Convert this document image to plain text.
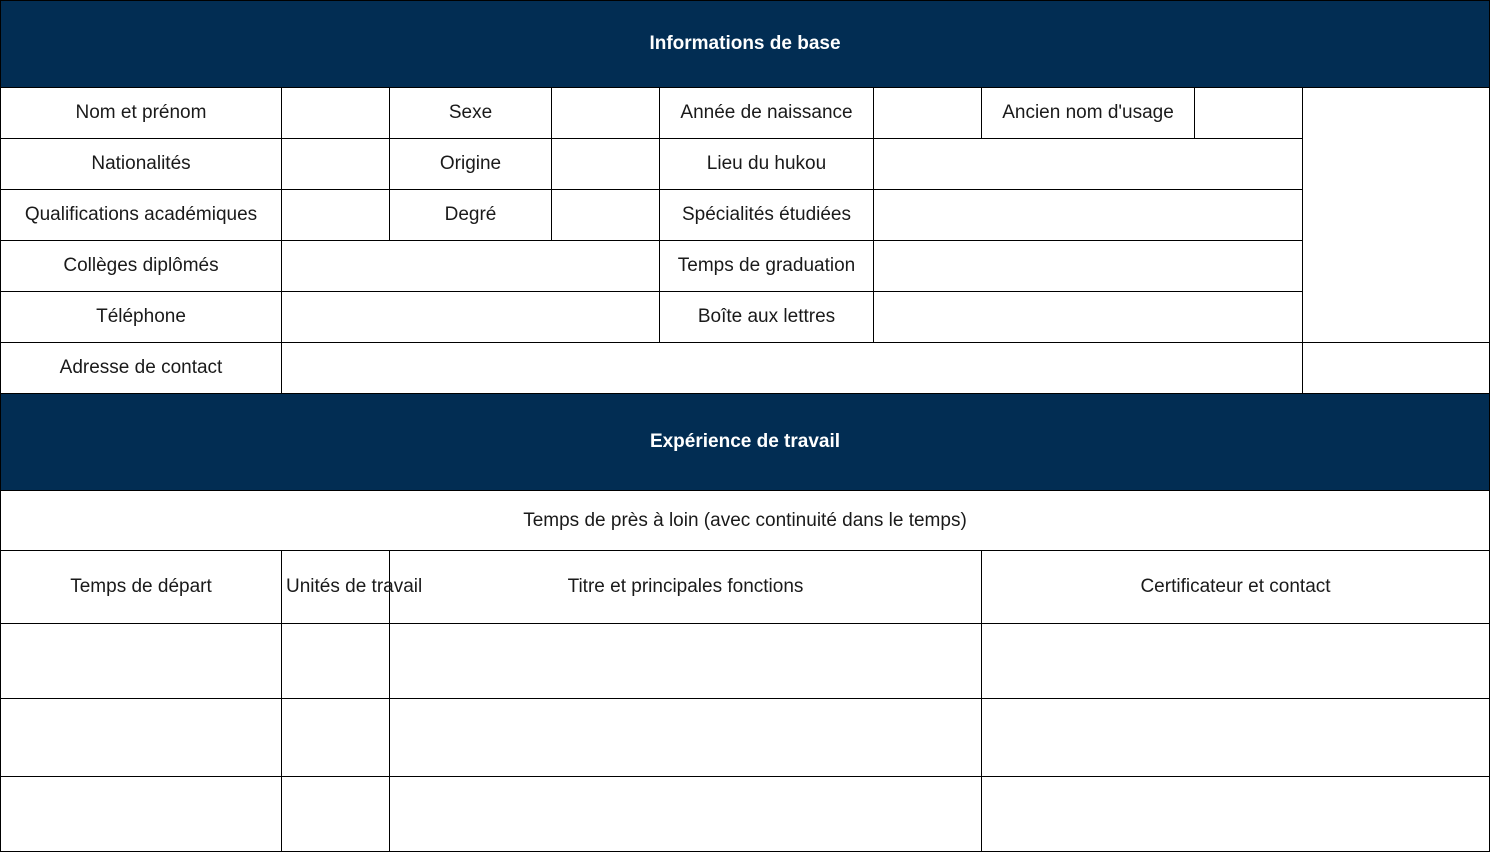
Informations de base								
Nom et prénom		Sexe		Année de naissance		Ancien nom d'usage	

Nationalités		Origine		Lieu du hukou				

Qualifications académiques		Degré		Spécialités étudiées				

Collèges diplômés				Temps de graduation				

Téléphone				Boîte aux lettres				

Adresse de contact							

Expérience de travail								
Temps de près à loin (avec continuité dans le temps)								
Temps de départ	Unités de travail	Titre et principales fonctions				Certificateur et contact		
